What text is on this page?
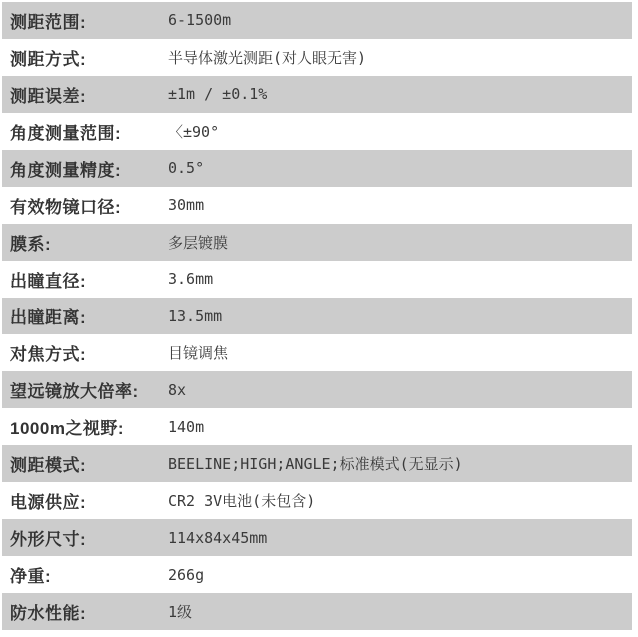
测距范围:	6-1500m
测距方式:	半导体激光测距(对人眼无害)
测距误差:	±1m / ±0.1%
角度测量范围:	〈±90°
角度测量精度:	0.5°
有效物镜口径:	30mm
膜系:	多层镀膜
出瞳直径:	3.6mm
出瞳距离:	13.5mm
对焦方式:	目镜调焦
望远镜放大倍率:	8x
1000m之视野:	140m
测距模式:	BEELINE;HIGH;ANGLE;标准模式(无显示)
电源供应:	CR2 3V电池(未包含)
外形尺寸:	114x84x45mm
净重:	266g
防水性能:	1级
